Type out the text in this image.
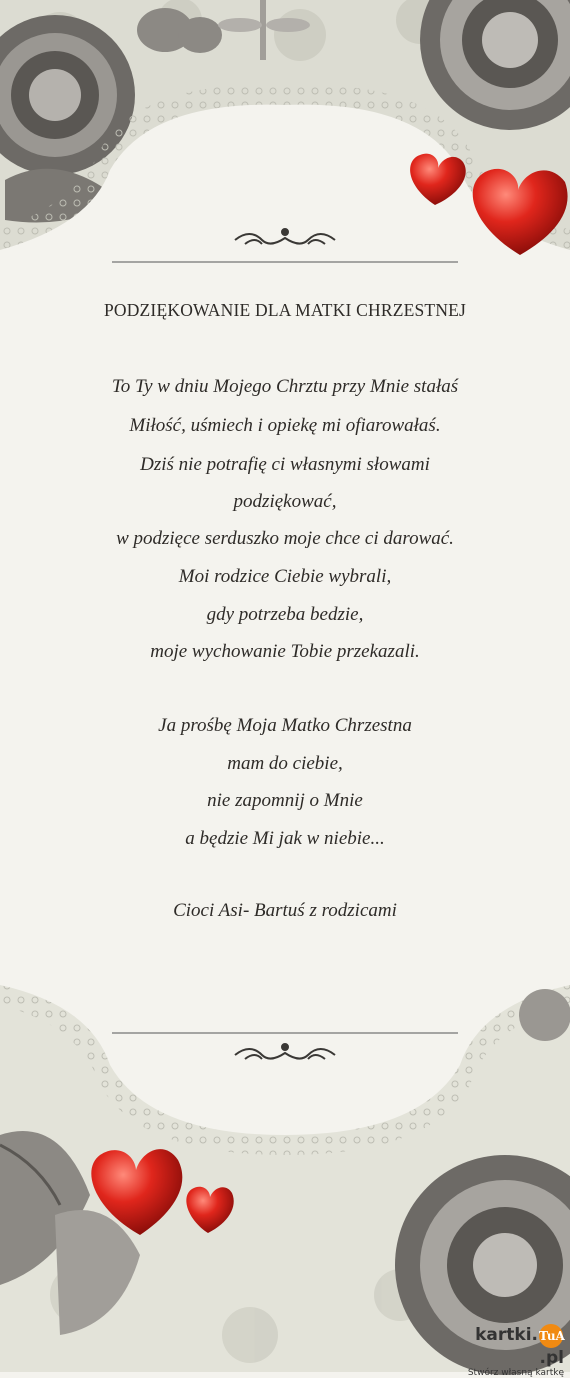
PODZIĘKOWANIE DLA MATKI CHRZESTNEJ
To Ty w dniu Mojego Chrztu przy Mnie stałaś
Miłość, uśmiech i opiekę mi ofiarowałaś.
Dziś nie potrafię ci własnymi słowami
podziękować,
w podzięce serduszko moje chce ci darować.
Moi rodzice Ciebie wybrali,
gdy potrzeba bedzie,
moje wychowanie Tobie przekazali.
Ja prośbę Moja Matko Chrzestna
mam do ciebie,
nie zapomnij o Mnie
a będzie Mi jak w niebie...
Cioci Asi- Bartuś z rodzicami
kartki.TuA.pl
Stwórz własną kartkę
